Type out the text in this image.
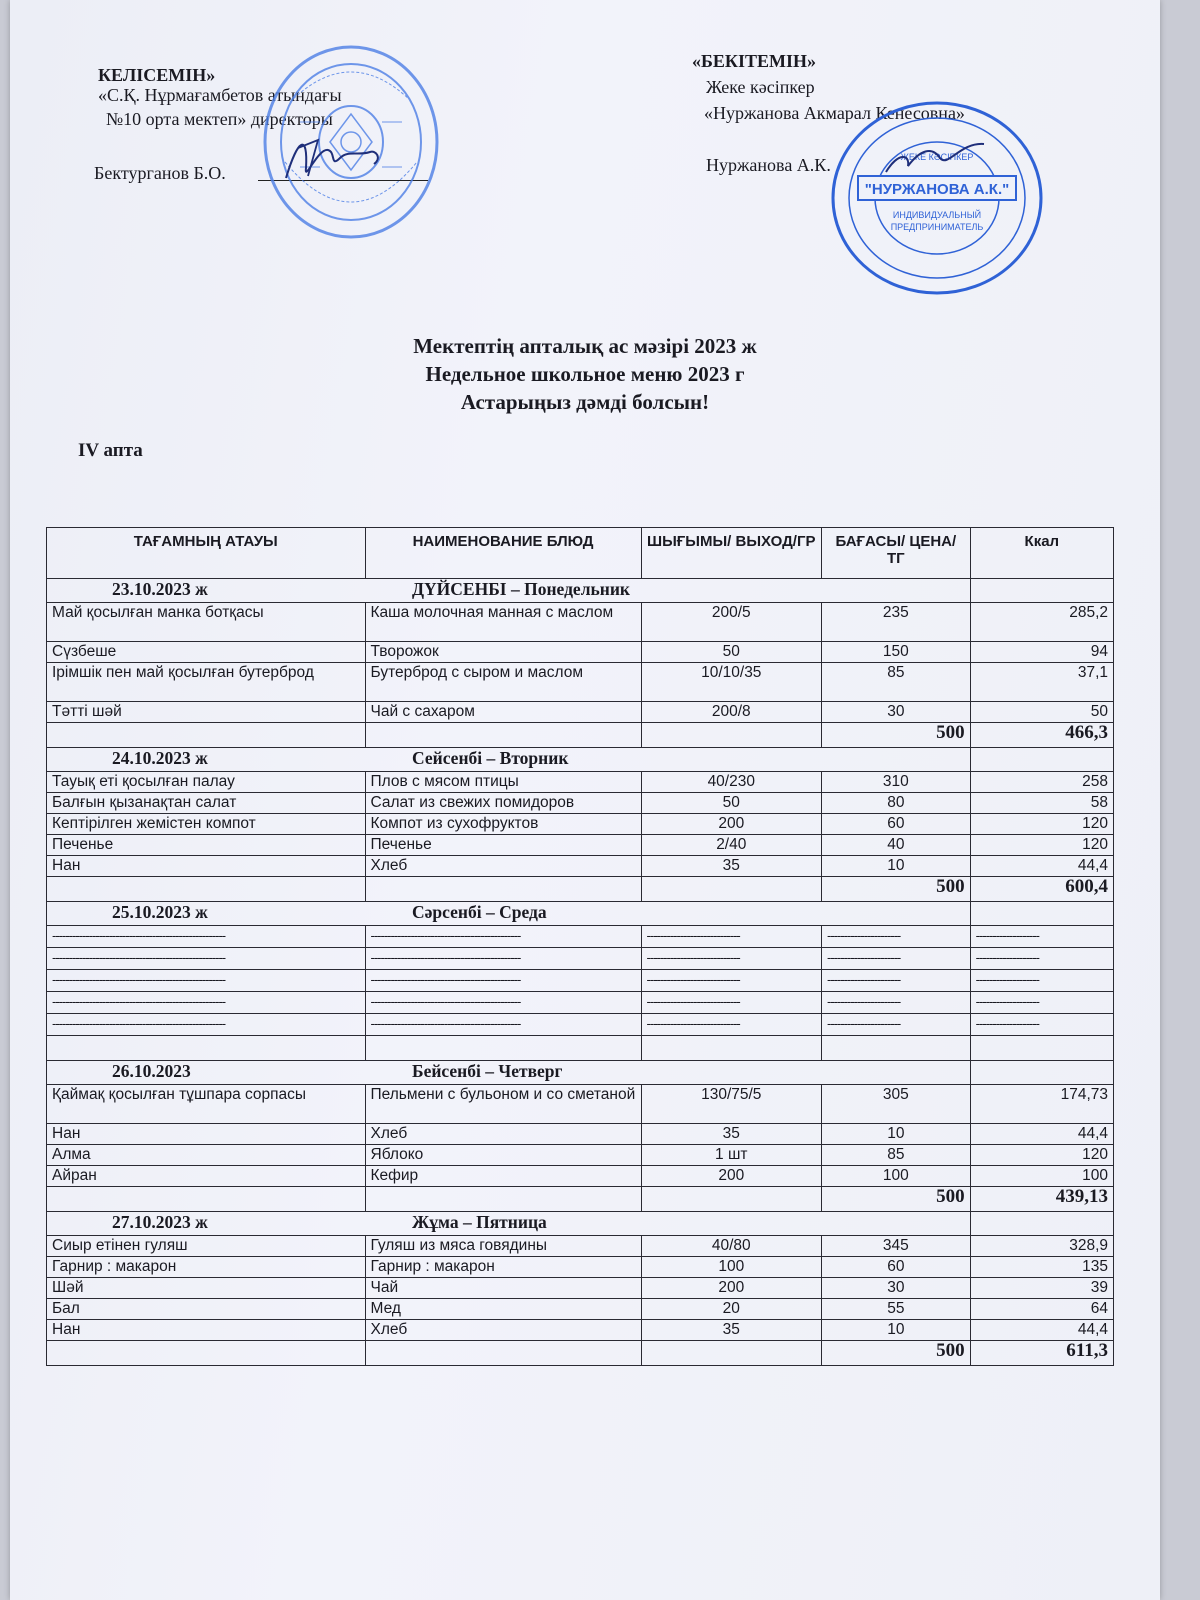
КЕЛІСЕМІН»
«С.Қ. Нұрмағамбетов атындағы
№10 орта мектеп» директоры
Бектурганов Б.О.
«БЕКІТЕМІН»
Жеке кәсіпкер
«Нуржанова Акмарал Кенесовна»
Нуржанова А.К.	ЖЕКЕ КӘСІПКЕР
"НУРЖАНОВА А.К."
ИНДИВИДУАЛЬНЫЙ
ПРЕДПРИНИМАТЕЛЬ
Мектептің апталық ас мәзірі 2023 ж
Недельное школьное меню 2023 г
Астарыңыз дәмді болсын!
IV апта
ТАҒАМНЫҢ АТАУЫ	НАИМЕНОВАНИЕ БЛЮД	ШЫҒЫМЫ/ ВЫХОД/ГР	БАҒАСЫ/ ЦЕНА/ТГ	Ккал
23.10.2023 ж ДҮЙСЕНБІ – Понедельник				
Май қосылған манка ботқасы	Каша молочная манная с маслом	200/5	235	285,2
Сүзбеше	Творожок	50	150	94
Ірімшік пен май қосылған бутерброд	Бутерброд с сыром и маслом	10/10/35	85	37,1
Тәтті шәй	Чай с сахаром	200/8	30	50
			500	466,3
24.10.2023 ж Сейсенбі – Вторник				
Тауық еті қосылған палау	Плов с мясом птицы	40/230	310	258
Балғын қызанақтан салат	Салат из свежих помидоров	50	80	58
Кептірілген жемістен компот	Компот из сухофруктов	200	60	120
Печенье	Печенье	2/40	40	120
Нан	Хлеб	35	10	44,4
			500	600,4
25.10.2023 ж Сәрсенбі – Среда				
----------------------------------------------------	---------------------------------------------	----------------------------	----------------------	-------------------
----------------------------------------------------	---------------------------------------------	----------------------------	----------------------	-------------------
----------------------------------------------------	---------------------------------------------	----------------------------	----------------------	-------------------
----------------------------------------------------	---------------------------------------------	----------------------------	----------------------	-------------------
----------------------------------------------------	---------------------------------------------	----------------------------	----------------------	-------------------

26.10.2023 Бейсенбі – Четверг				
Қаймақ қосылған тұшпара сорпасы	Пельмени с бульоном и со сметаной	130/75/5	305	174,73
Нан	Хлеб	35	10	44,4
Алма	Яблоко	1 шт	85	120
Айран	Кефир	200	100	100
			500	439,13
27.10.2023 ж Жұма – Пятница				
Сиыр етінен гуляш	Гуляш из мяса говядины	40/80	345	328,9
Гарнир : макарон	Гарнир : макарон	100	60	135
Шәй	Чай	200	30	39
Бал	Мед	20	55	64
Нан	Хлеб	35	10	44,4
			500	611,3
